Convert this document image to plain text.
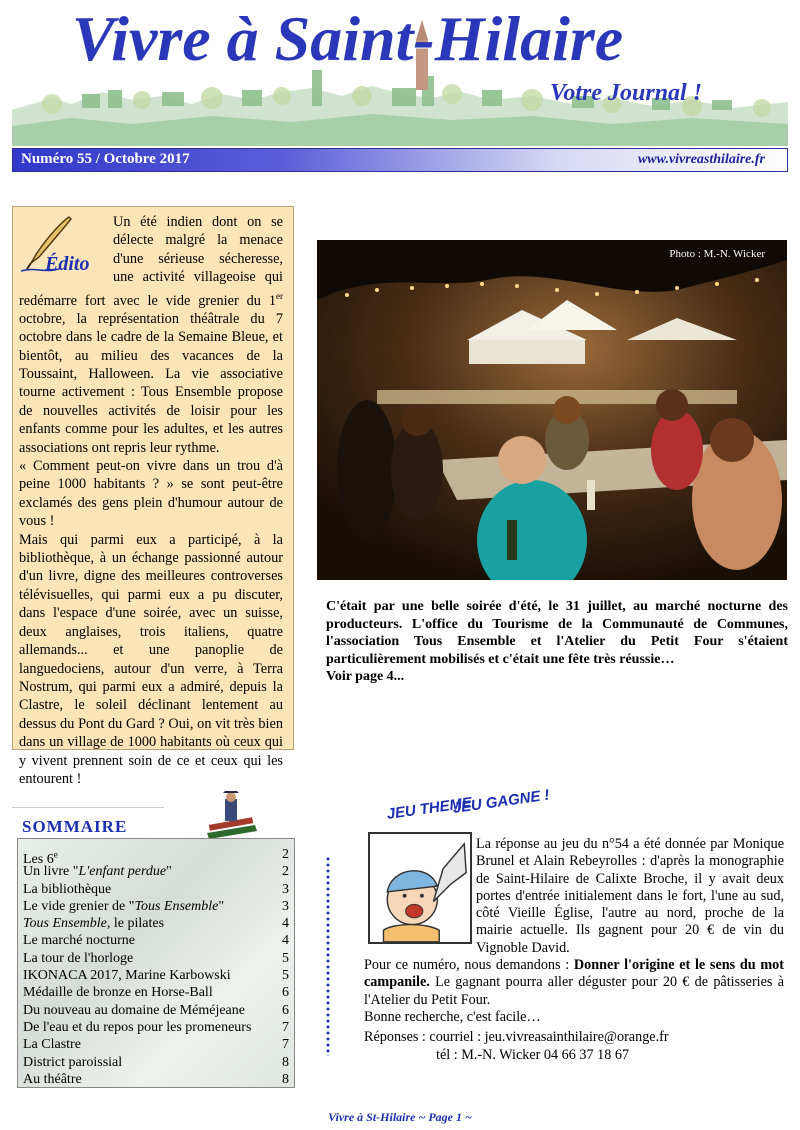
Vivre à Saint-Hilaire
Votre Journal !
Numéro 55 / Octobre 2017	www.vivreasthilaire.fr
Édito

Un été indien dont on se délecte malgré la menace d'une sérieuse sécheresse, une activité villageoise qui redémarre fort avec le vide grenier du 1er octobre, la représentation théâtrale du 7 octobre dans le cadre de la Semaine Bleue, et bientôt, au milieu des vacances de la Toussaint, Halloween. La vie associative tourne activement : Tous Ensemble propose de nouvelles activités de loisir pour les enfants comme pour les adultes, et les autres associations ont repris leur rythme.

« Comment peut-on vivre dans un trou d'à peine 1000 habitants ? » se sont peut-être exclamés des gens plein d'humour autour de vous !

Mais qui parmi eux a participé, à la bibliothèque, à un échange passionné autour d'un livre, digne des meilleures controverses télévisuelles, qui parmi eux a pu discuter, dans l'espace d'une soirée, avec un suisse, deux anglaises, trois italiens, quatre allemands... et une panoplie de languedociens, autour d'un verre, à Terra Nostrum, qui parmi eux a admiré, depuis la Clastre, le soleil déclinant lentement au dessus du Pont du Gard ? Oui, on vit très bien dans un village de 1000 habitants où ceux qui y vivent prennent soin de ce et ceux qui les entourent !

Photo : M.-N. Wicker

C'était par une belle soirée d'été, le 31 juillet, au marché nocturne des producteurs. L'office du Tourisme de la Communauté de Communes, l'association Tous Ensemble et l'Atelier du Petit Four s'étaient particulièrement mobilisés et c'était une fête très réussie…

Voir page 4...

SOMMAIRE
Les 6e	2
Un livre "L'enfant perdue"	2
La bibliothèque	3
Le vide grenier de "Tous Ensemble"	3
Tous Ensemble, le pilates	4
Le marché nocturne	4
La tour de l'horloge	5
IKONACA 2017, Marine Karbowski	5
Médaille de bronze en Horse-Ball	6
Du nouveau au domaine de Méméjeane	6
De l'eau et du repos pour les promeneurs 7
La Clastre	7
District paroissial	8
Au théâtre	8
JEU THEME
JEU GAGNE !

La réponse au jeu du n°54 a été donnée par Monique Brunel et Alain Rebeyrolles : d'après la monographie de Saint-Hilaire de Calixte Broche, il y avait deux portes d'entrée initialement dans le fort, l'une au sud, côté Vieille Église, l'autre au nord, proche de la mairie actuelle. Ils gagnent pour 20 € de vin du Vignoble David.

Pour ce numéro, nous demandons : Donner l'origine et le sens du mot campanile. Le gagnant pourra aller déguster pour 20 € de pâtisseries à l'Atelier du Petit Four.

Bonne recherche, c'est facile…

Réponses : courriel : jeu.vivreasainthilaire@orange.fr

tél : M.-N. Wicker 04 66 37 18 67

Vivre à St-Hilaire ~ Page 1 ~
